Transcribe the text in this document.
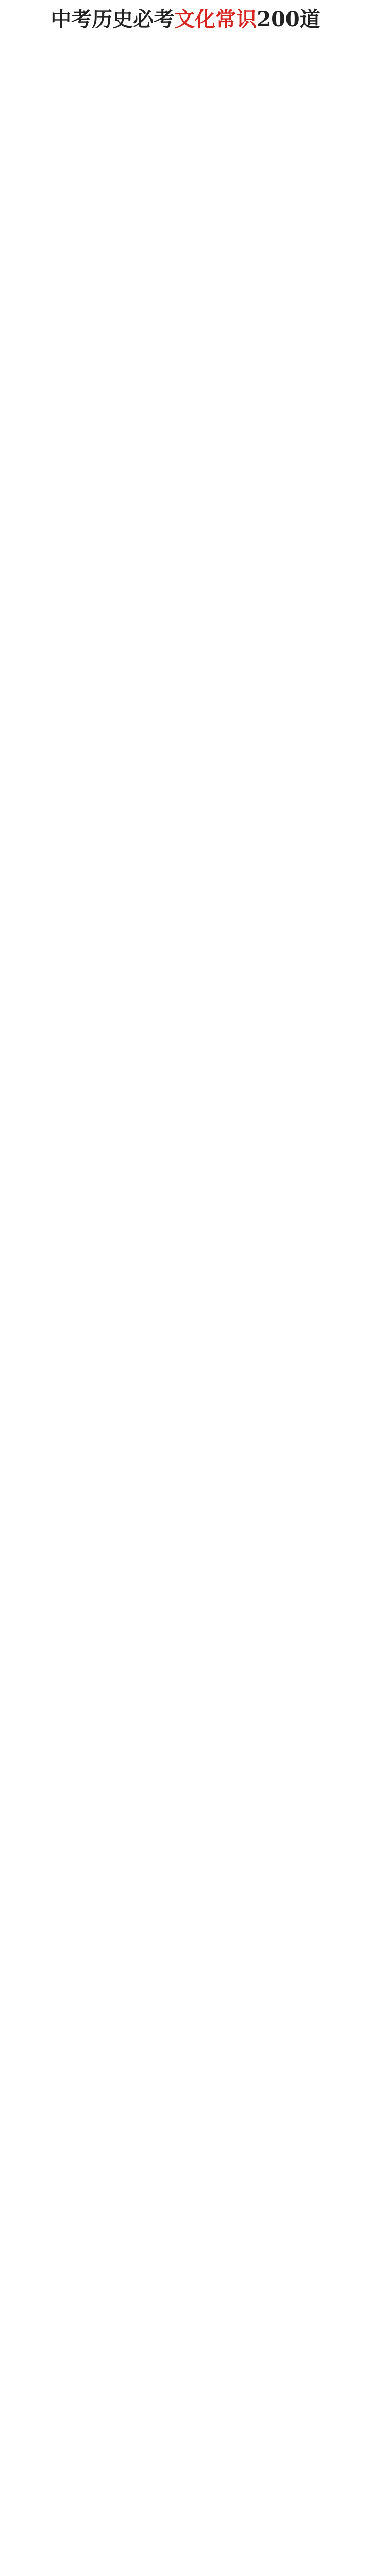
中考历史必考文化常识200道
